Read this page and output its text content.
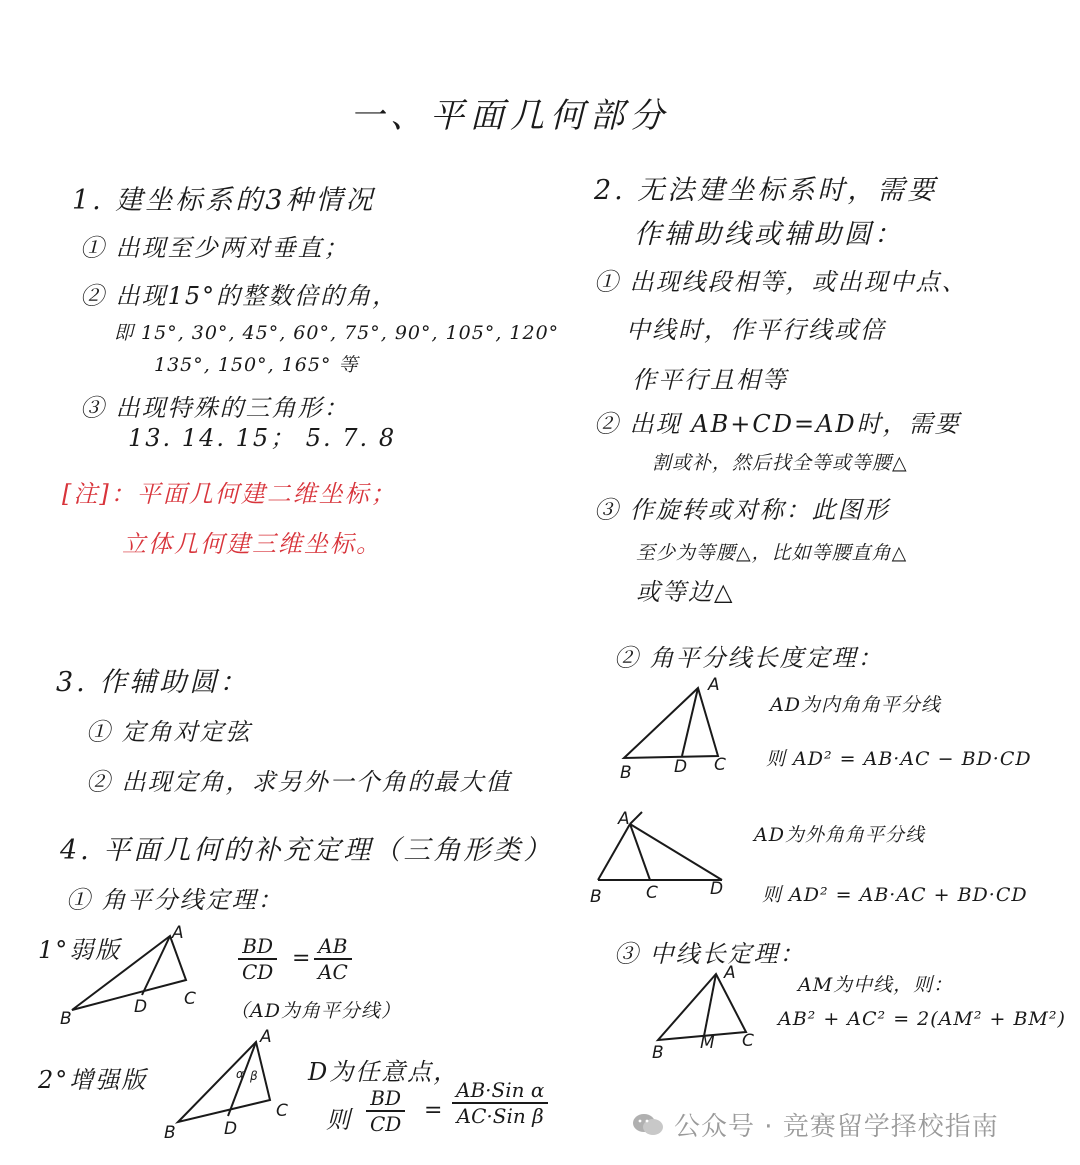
一、平面几何部分
1. 建坐标系的3种情况
① 出现至少两对垂直；
② 出现15°的整数倍的角，
即 15°, 30°, 45°, 60°, 75°, 90°, 105°, 120°
135°, 150°, 165° 等
③ 出现特殊的三角形：
13. 14. 15； 5. 7. 8
[注]：平面几何建二维坐标；
立体几何建三维坐标。
3. 作辅助圆：
① 定角对定弦
② 出现定角，求另外一个角的最大值
4. 平面几何的补充定理（三角形类）
① 角平分线定理：
1°弱版
A
B
D C
$\frac{BD}{CD} = \frac{AB}{AC}$
（AD为角平分线）
2°增强版
A
B	D
C
α β D为任意点，
则 $\frac{BD}{CD}$ =
AB·Sin α
AC·Sin β
2. 无法建坐标系时，需要
作辅助线或辅助圆：
① 出现线段相等，或出现中点、
中线时，作平行线或倍
作平行且相等
② 出现 AB+CD=AD时，需要
割或补，然后找全等或等腰△
③ 作旋转或对称：此图形
至少为等腰△，比如等腰直角△
或等边△
② 角平分线长度定理：
A
B D C
AD为内角角平分线
则 AD² = AB·AC − BD·CD
A
B	C	D
AD为外角角平分线
则 AD² = AB·AC + BD·CD
③ 中线长定理：
A
B M C
AM为中线，则：
AB² + AC² = 2(AM² + BM²)
公众号 · 竞赛留学择校指南
